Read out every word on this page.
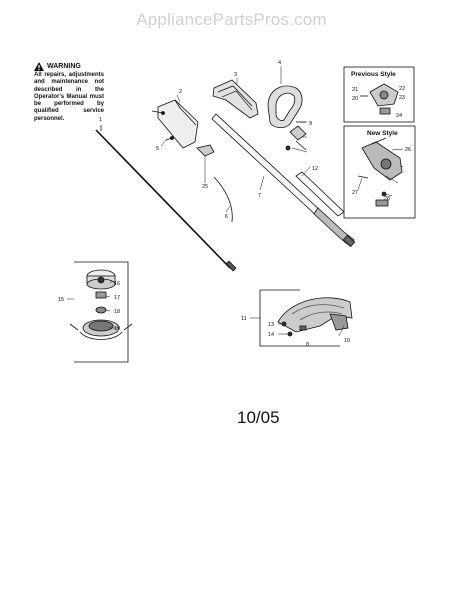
AppliancePartsPros.com
WARNING
All repairs, adjustments and maintenance not described in the Operator's Manual must be performed by qualified service personnel.
Previous Style
New Style
1
2
3
4
5
6
7
8
9
10
11
12
13
14
15
16
17
18
19
20
21	22
23
24
25
26
27
28
10/05
